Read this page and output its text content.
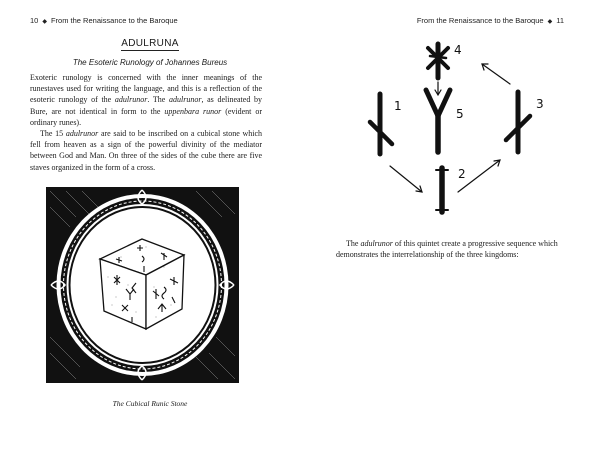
10 ◆ From the Renaissance to the Baroque
ADULRUNA
The Esoteric Runology of Johannes Bureus

Exoteric runology is concerned with the inner meanings of the runestaves used for writing the language, and this is a reflection of the esoteric runology of the adulrunor. The adulrunor, as delineated by Bure, are not identical in form to the uppenbara runor (evident or ordinary runes).

The 15 adulrunor are said to be inscribed on a cubical stone which fell from heaven as a sign of the powerful divinity of the mediator between God and Man. On three of the sides of the cube there are five staves organized in the form of a cross.

The Cubical Runic Stone
From the Renaissance to the Baroque ◆ 11
1
2
3
4
5

The adulrunor of this quintet create a progressive sequence which demonstrates the interrelationship of the three kingdoms:
